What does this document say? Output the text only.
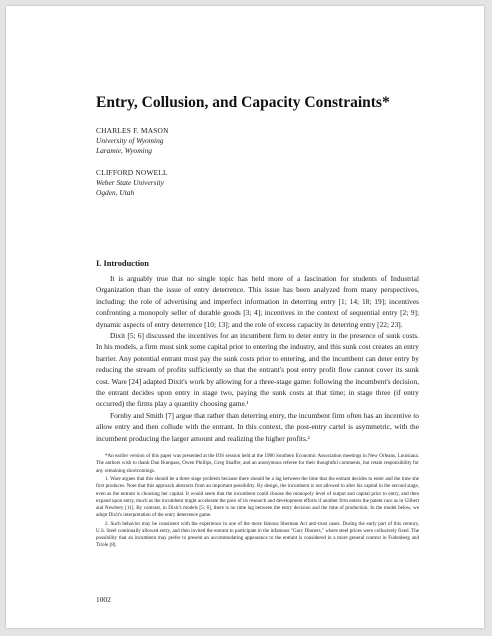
Entry, Collusion, and Capacity Constraints*
CHARLES F. MASON
University of Wyoming
Laramie, Wyoming
CLIFFORD NOWELL
Weber State University
Ogden, Utah
I. Introduction

It is arguably true that no single topic has held more of a fascination for students of Industrial Organization than the issue of entry deterrence. This issue has been analyzed from many perspectives, including: the role of advertising and imperfect information in deterring entry [1; 14; 18; 19]; incentives confronting a monopoly seller of durable goods [3; 4]; incentives in the context of sequential entry [2; 9]; dynamic aspects of entry deterrence [10; 13]; and the role of excess capacity in deterring entry [22; 23].

Dixit [5; 6] discussed the incentives for an incumbent firm to deter entry in the presence of sunk costs. In his models, a firm must sink some capital prior to entering the industry, and this sunk cost creates an entry barrier. Any potential entrant must pay the sunk costs prior to entering, and the incumbent can deter entry by reducing the stream of profits sufficiently so that the entrant's post entry profit flow cannot cover its sunk cost. Ware [24] adapted Dixit's work by allowing for a three-stage game: following the incumbent's decision, the entrant decides upon entry in stage two, paying the sunk costs at that time; in stage three (if entry occurred) the firms play a quantity choosing game.¹

Fornby and Smith [7] argue that rather than deterring entry, the incumbent firm often has an incentive to allow entry and then collude with the entrant. In this context, the post-entry cartel is asymmetric, with the incumbent producing the larger amount and realizing the higher profits.²

*An earlier version of this paper was presented at the IOS session held at the 1986 Southern Economic Association meetings in New Orleans, Louisiana. The authors wish to thank Dan Bumpass, Owen Phillips, Greg Shaffer, and an anonymous referee for their thoughtful comments, but retain responsibility for any remaining shortcomings.

1. Ware argues that this should be a three stage problem because there should be a lag between the time that the entrant decides to enter and the time she first produces. Note that this approach abstracts from an important possibility. By design, the incumbent is not allowed to alter his capital in the second stage, even as the entrant is choosing her capital. It would seem that the incumbent could choose the monopoly level of output and capital prior to entry, and then expand upon entry, much as the incumbent might accelerate the pace of its research and development efforts if another firm enters the patent race as in Gilbert and Newbery [11]. By contrast, in Dixit's models [5; 6], there is no time lag between the entry decision and the time of production. In the model below, we adopt Dixit's interpretation of the entry deterrence game.

2. Such behavior may be consistent with the experience in one of the more famous Sherman Act anti-trust cases. During the early part of this century, U.S. Steel continually allowed entry, and then invited the entrant to participate in the infamous "Gary Dinners," where steel prices were collusively fixed. The possibility that an incumbent may prefer to present an accommodating appearance to the entrant is considered in a more general context in Fudenberg and Tirole [8].

1002
